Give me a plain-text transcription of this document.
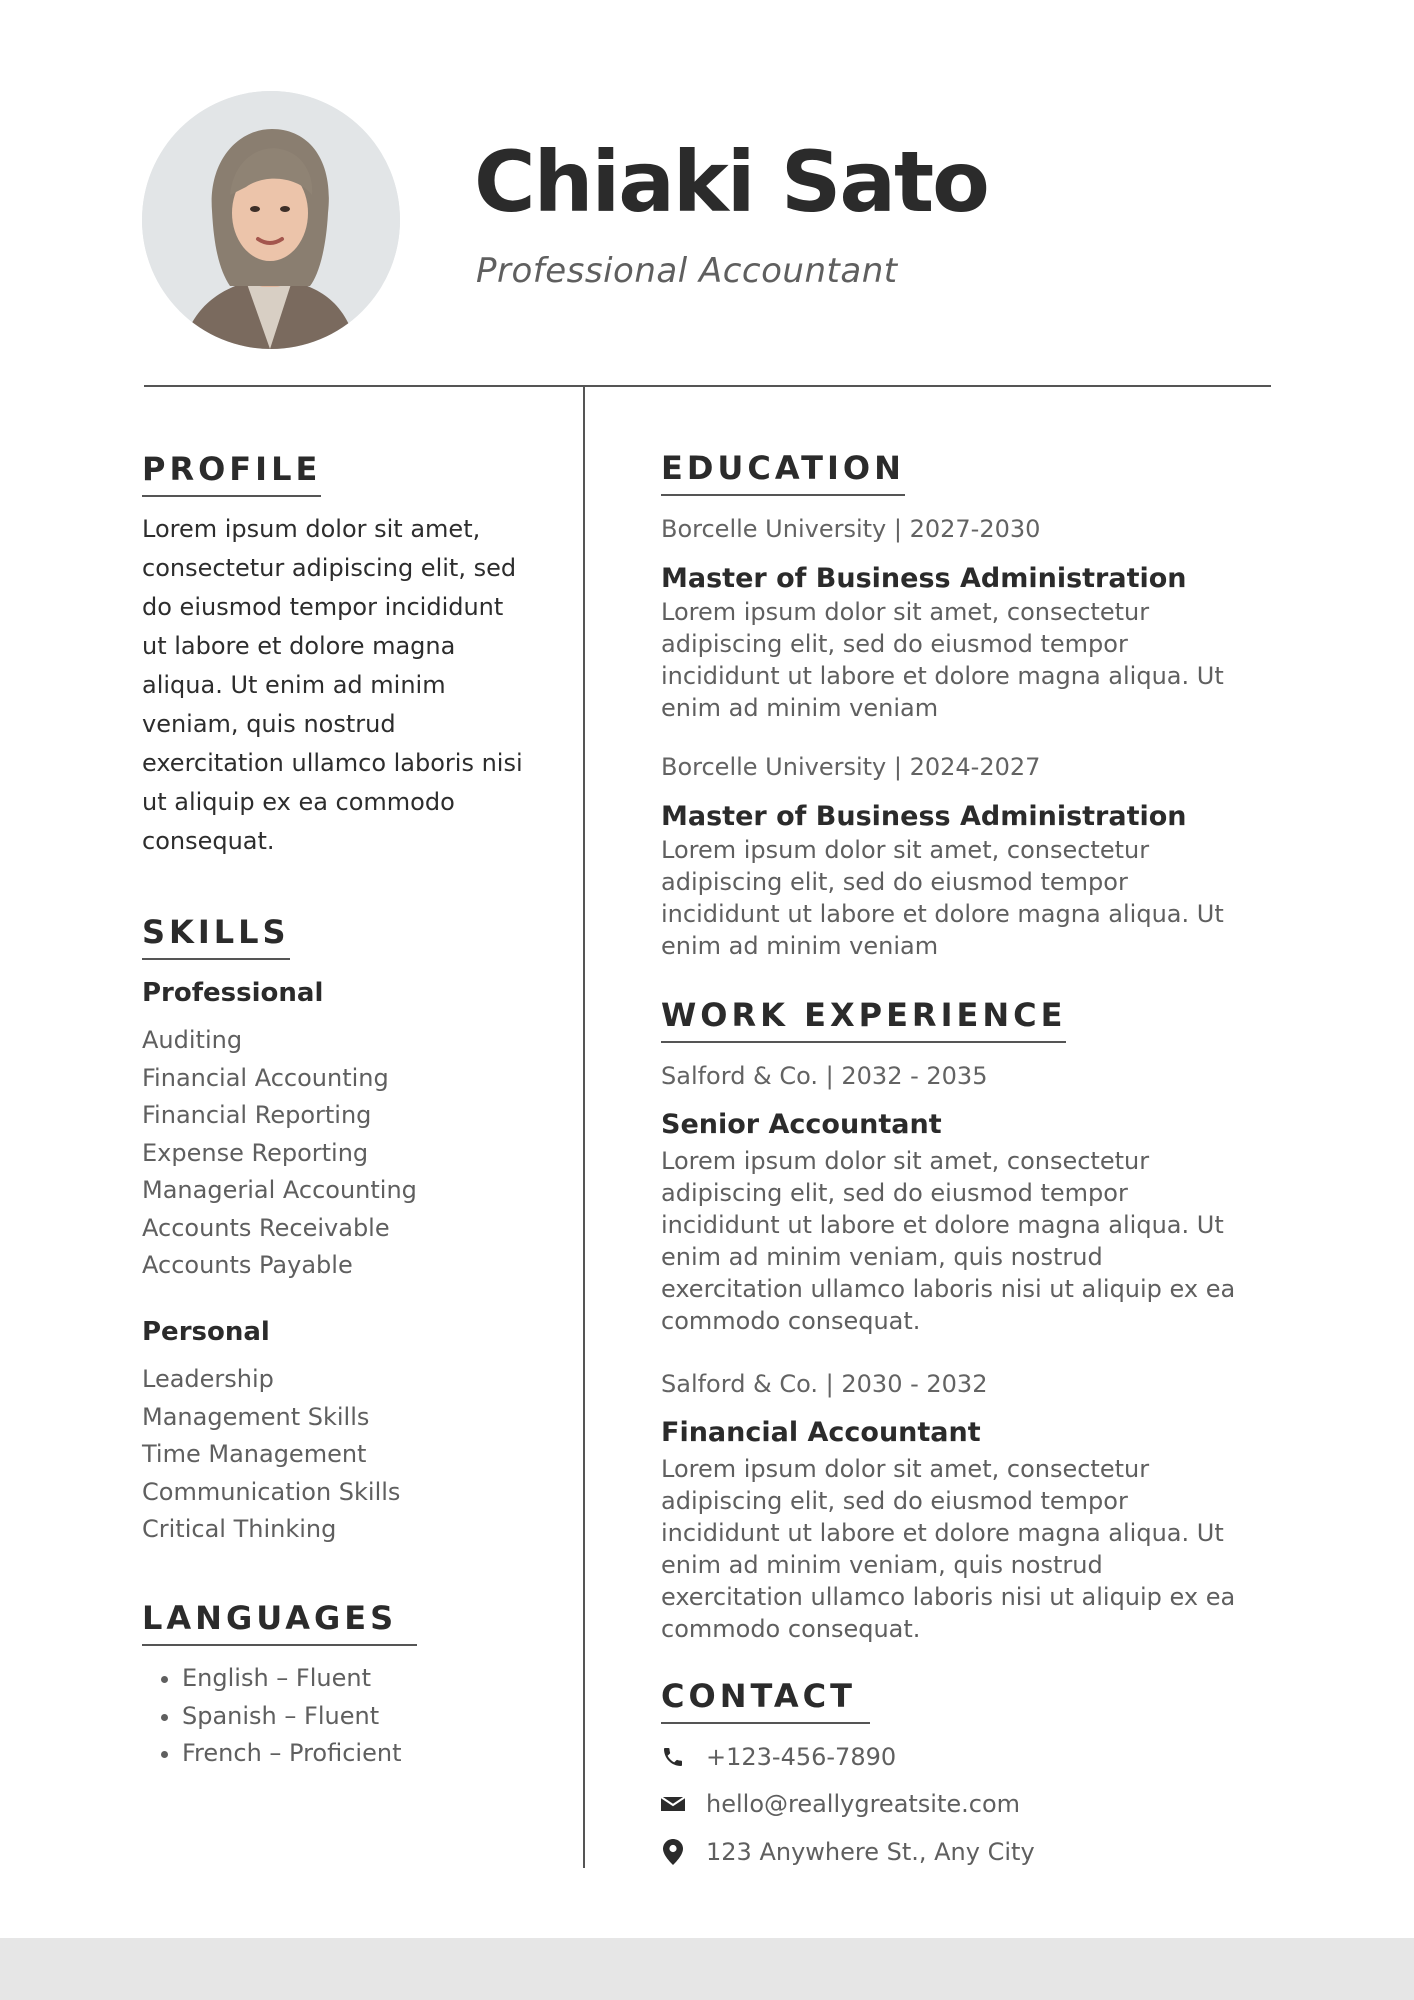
Chiaki Sato
Professional Accountant
PROFILE

Lorem ipsum dolor sit amet, consectetur adipiscing elit, sed do eiusmod tempor incididunt ut labore et dolore magna aliqua. Ut enim ad minim veniam, quis nostrud exercitation ullamco laboris nisi ut aliquip ex ea commodo consequat.

SKILLS
Professional
Auditing
Financial Accounting
Financial Reporting
Expense Reporting
Managerial Accounting
Accounts Receivable
Accounts Payable
Personal
Leadership
Management Skills
Time Management
Communication Skills
Critical Thinking
LANGUAGES
• English – Fluent
• Spanish – Fluent
• French – Proficient
EDUCATION
Borcelle University | 2027-2030
Master of Business Administration

Lorem ipsum dolor sit amet, consectetur adipiscing elit, sed do eiusmod tempor incididunt ut labore et dolore magna aliqua. Ut enim ad minim veniam

Borcelle University | 2024-2027
Master of Business Administration

Lorem ipsum dolor sit amet, consectetur adipiscing elit, sed do eiusmod tempor incididunt ut labore et dolore magna aliqua. Ut enim ad minim veniam

WORK EXPERIENCE
Salford & Co. | 2032 - 2035
Senior Accountant

Lorem ipsum dolor sit amet, consectetur adipiscing elit, sed do eiusmod tempor incididunt ut labore et dolore magna aliqua. Ut enim ad minim veniam, quis nostrud exercitation ullamco laboris nisi ut aliquip ex ea commodo consequat.

Salford & Co. | 2030 - 2032
Financial Accountant

Lorem ipsum dolor sit amet, consectetur adipiscing elit, sed do eiusmod tempor incididunt ut labore et dolore magna aliqua. Ut enim ad minim veniam, quis nostrud exercitation ullamco laboris nisi ut aliquip ex ea commodo consequat.

CONTACT
+123-456-7890
hello@reallygreatsite.com
123 Anywhere St., Any City
